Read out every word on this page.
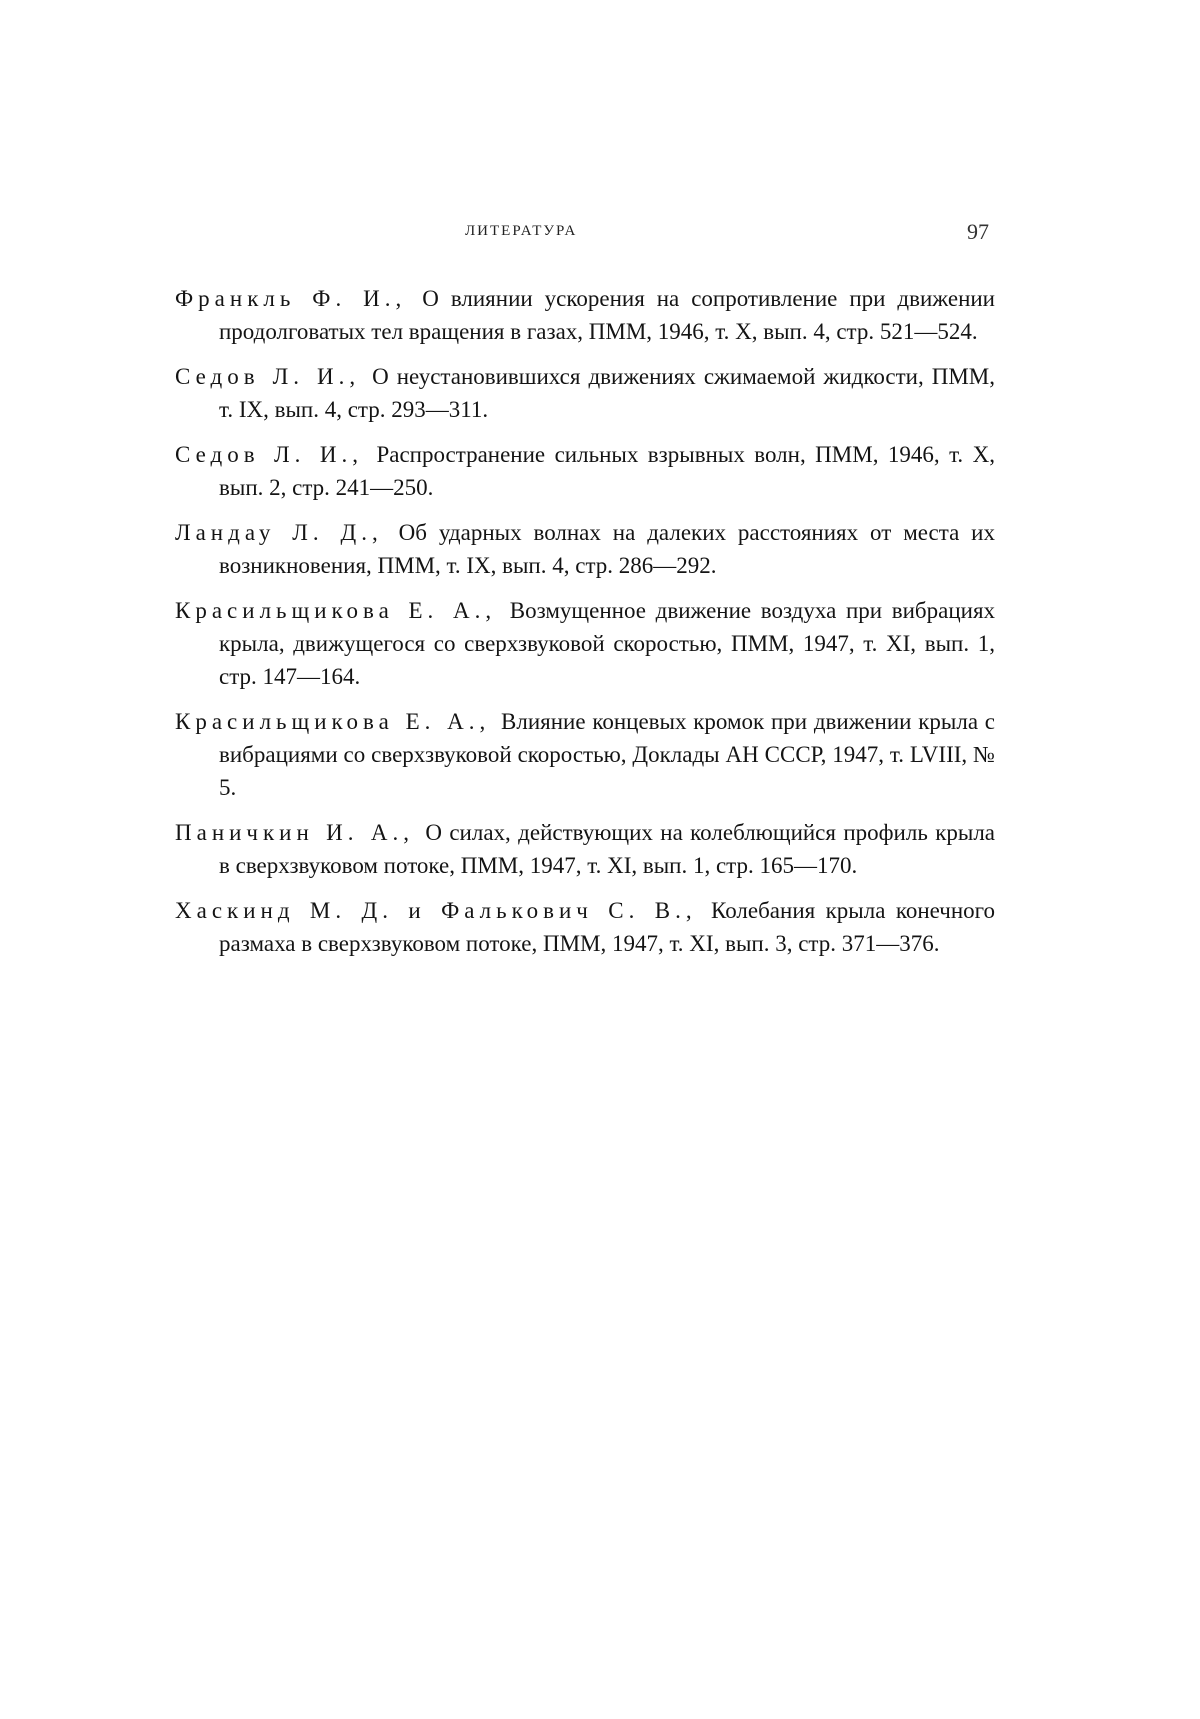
ЛИТЕРАТУРА	97
Франкль Ф. И., О влиянии ускорения на сопротивление при движении продолговатых тел вращения в газах, ПММ, 1946, т. X, вып. 4, стр. 521—524.
Седов Л. И., О неустановившихся движениях сжимаемой жидкости, ПММ, т. IX, вып. 4, стр. 293—311.
Седов Л. И., Распространение сильных взрывных волн, ПММ, 1946, т. X, вып. 2, стр. 241—250.
Ландау Л. Д., Об ударных волнах на далеких расстояниях от места их возникновения, ПММ, т. IX, вып. 4, стр. 286—292.
Красильщикова Е. А., Возмущенное движение воздуха при вибрациях крыла, движущегося со сверхзвуковой скоростью, ПММ, 1947, т. XI, вып. 1, стр. 147—164.
Красильщикова Е. А., Влияние концевых кромок при движении крыла с вибрациями со сверхзвуковой скоростью, Доклады АН СССР, 1947, т. LVIII, № 5.
Паничкин И. А., О силах, действующих на колеблющийся профиль крыла в сверхзвуковом потоке, ПММ, 1947, т. XI, вып. 1, стр. 165—170.
Хаскинд М. Д. и Фалькович С. В., Колебания крыла конечного размаха в сверхзвуковом потоке, ПММ, 1947, т. XI, вып. 3, стр. 371—376.
